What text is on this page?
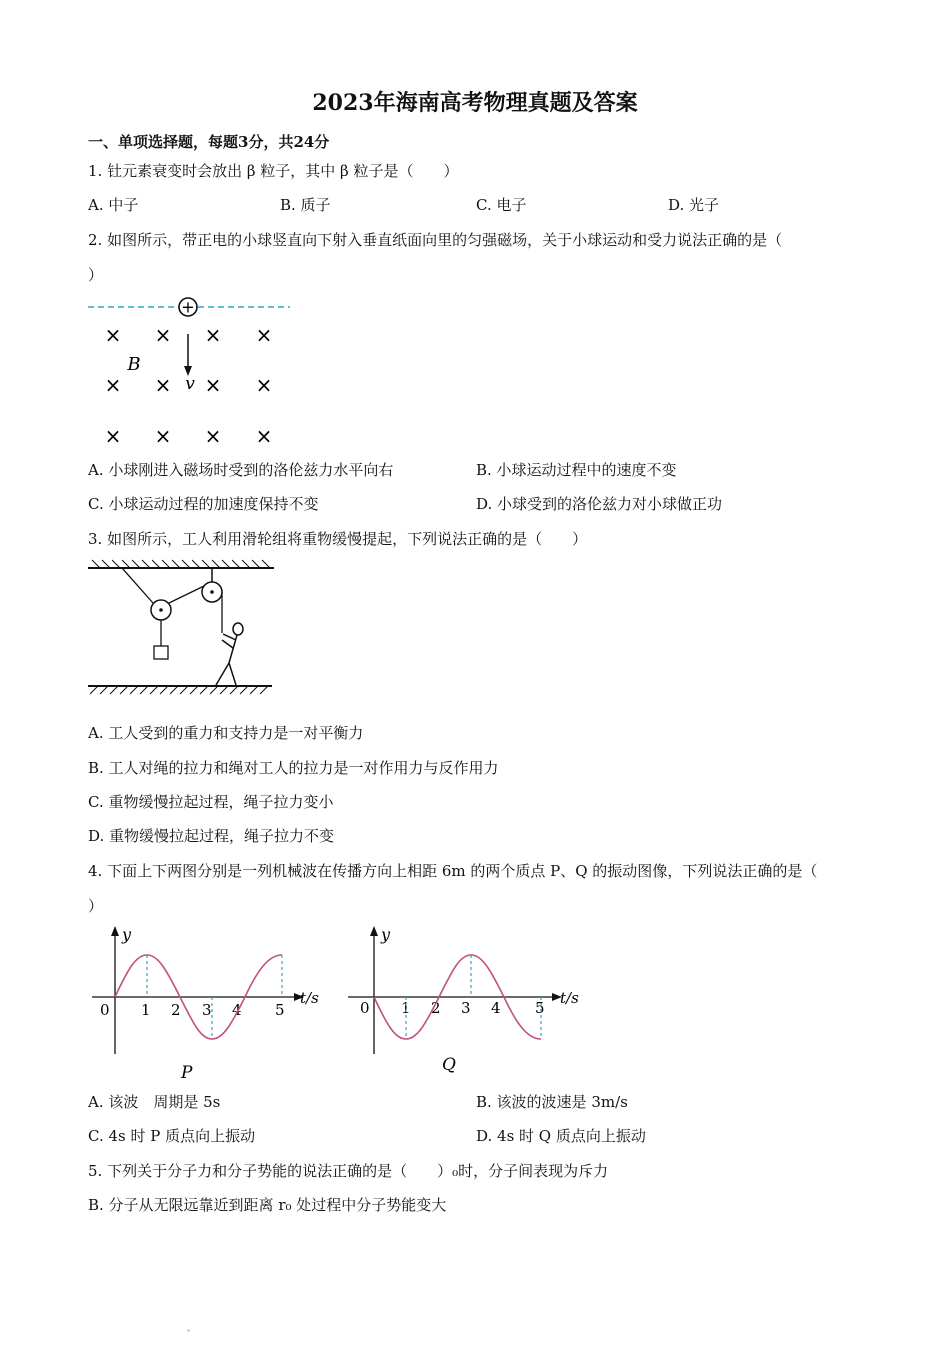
2023年海南高考物理真题及答案
一、单项选择题，每题3分，共24分
1. 钍元素衰变时会放出 β 粒子，其中 β 粒子是（　　）
A. 中子	B. 质子	C. 电子	D. 光子
2. 如图所示，带正电的小球竖直向下射入垂直纸面向里的匀强磁场，关于小球运动和受力说法正确的是（
）
+
v
B
× × × ×
× × × ×
× × × ×
A. 小球刚进入磁场时受到的洛伦兹力水平向右	B. 小球运动过程中的速度不变
C. 小球运动过程的加速度保持不变	D. 小球受到的洛伦兹力对小球做正功
3. 如图所示，工人利用滑轮组将重物缓慢提起，下列说法正确的是（　　）
A. 工人受到的重力和支持力是一对平衡力
B. 工人对绳的拉力和绳对工人的拉力是一对作用力与反作用力
C. 重物缓慢拉起过程，绳子拉力变小
D. 重物缓慢拉起过程，绳子拉力不变
4. 下面上下两图分别是一列机械波在传播方向上相距 6m 的两个质点 P、Q 的振动图像，下列说法正确的是（
）
y
t/s
0 1 2 3 4 5
P
y
t/s
0 1 2 3 4 5
Q
A. 该波　周期是 5s	B. 该波的波速是 3m/s
C. 4s 时 P 质点向上振动	D. 4s 时 Q 质点向上振动
5. 下列关于分子力和分子势能的说法正确的是（　　）₀时，分子间表现为斥力
B. 分子从无限远靠近到距离 r₀ 处过程中分子势能变大
ˇ
